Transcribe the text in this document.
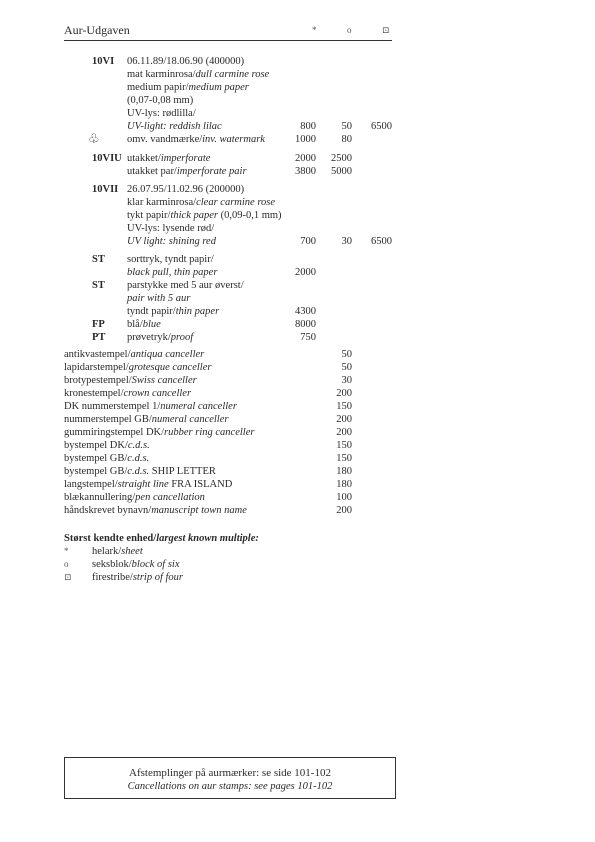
Aur-Udgaven	*	o	⊡
10VI 06.11.89/18.06.90 (400000)
mat karminrosa/dull carmine rose
medium papir/medium paper
(0,07-0,08 mm)
UV-lys: rødlilla/
UV-light: reddish lilac	800	50	6500
omv. vandmærke/inv. watermark	1000	80
10VIU utakket/imperforate	2000	2500
utakket par/imperforate pair	3800	5000
10VII 26.07.95/11.02.96 (200000)
klar karminrosa/clear carmine rose
tykt papir/thick paper (0,09-0,1 mm)
UV-lys: lysende rød/
UV light: shining red	700	30	6500
ST sorttryk, tyndt papir/
black pull, thin paper	2000
ST parstykke med 5 aur øverst/
pair with 5 aur
tyndt papir/thin paper	4300
FP blå/blue	8000
PT prøvetryk/proof	750
♧
antikvastempel/antiqua canceller	50
lapidarstempel/grotesque canceller	50
brotypestempel/Swiss canceller	30
kronestempel/crown canceller	200
DK nummerstempel 1/numeral canceller	150
nummerstempel GB/numeral canceller	200
gummiringstempel DK/rubber ring canceller	200
bystempel DK/c.d.s.	150
bystempel GB/c.d.s.	150
bystempel GB/c.d.s. SHIP LETTER	180
langstempel/straight line FRA ISLAND	180
blækannullering/pen cancellation	100
håndskrevet bynavn/manuscript town name	200
Størst kendte enhed/largest known multiple:
* helark/sheet
o seksblok/block of six
⊡ firestribe/strip of four
Afstemplinger på aurmærker: se side 101-102
Cancellations on aur stamps: see pages 101-102
